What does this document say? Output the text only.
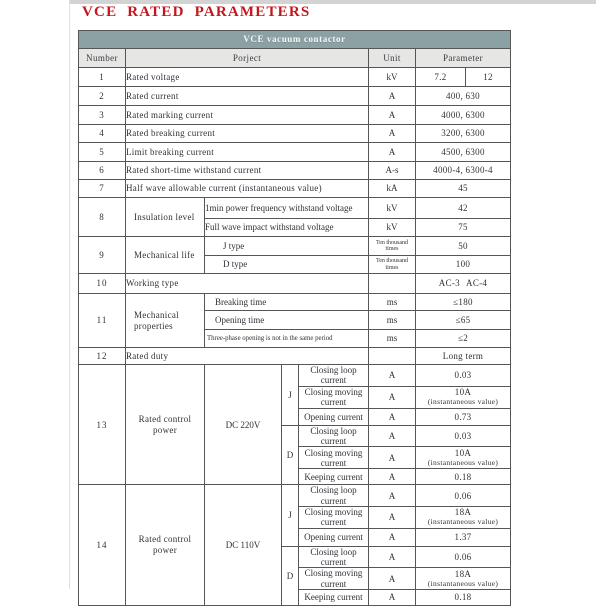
VCE RATED PARAMETERS
VCE vacuum contactor							
Number	Porject				Unit	Parameter	
1	Rated voltage				kV	7.2	12
2	Rated current				A	400, 630	
3	Rated marking current				A	4000, 6300	
4	Rated breaking current				A	3200, 6300	
5	Limit breaking current				A	4500, 6300	
6	Rated short-time withstand current				A-s	4000-4, 6300-4	
7	Half wave allowable current (instantaneous value)				kA	45	
8	Insulation level	1min power frequency withstand voltage			kV	42	
		Full wave impact withstand voltage			kV	75	
9	Mechanical life	J type			Ten thousand times	50	
		D type			Ten thousand times	100	
10	Working type					AC-3 AC-4	
11	Mechanical properties	Breaking time			ms	≤180	
		Opening time			ms	≤65	
		Three-phase opening is not in the same period			ms	≤2	
12	Rated duty					Long term	
13	Rated control power	DC 220V	J	Closing loop current	A	0.03	
				Closing moving current	A	10A
(instantaneous value)	

				Opening current	A	0.73	
			D	Closing loop current	A	0.03	
				Closing moving current	A	10A
(instantaneous value)	

				Keeping current	A	0.18	
14	Rated control power	DC 110V	J	Closing loop current	A	0.06	
				Closing moving current	A	18A
(instantaneous value)	

				Opening current	A	1.37	
			D	Closing loop current	A	0.06	
				Closing moving current	A	18A
(instantaneous value)	

				Keeping current	A	0.18	
